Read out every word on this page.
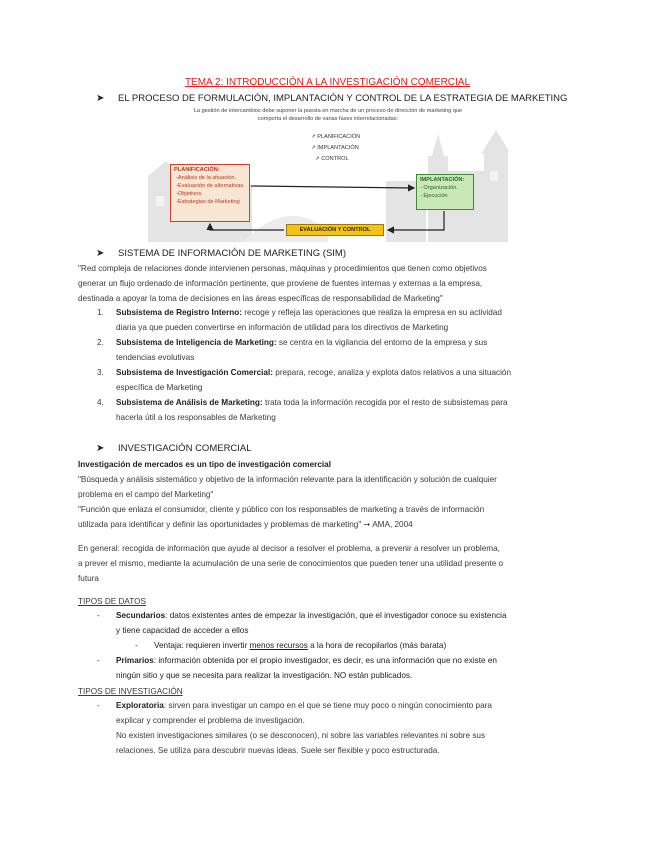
TEMA 2: INTRODUCCIÓN A LA INVESTIGACIÓN COMERCIAL
➤ EL PROCESO DE FORMULACIÓN, IMPLANTACIÓN Y CONTROL DE LA ESTRATEGIA DE MARKETING
La gestión de intercambios debe suponer la puesta en marcha de un proceso de dirección de marketing que
comporta el desarrollo de varias fases interrelacionadas:
↗ PLANIFICACIÓN
↗ IMPLANTACIÓN
↗ CONTROL
PLANIFICACIÓN:
-Análisis de la situación.
-Evaluación de alternativas.
-Objetivos.
-Estrategias de Marketing
IMPLANTACIÓN:
- Organización.
- Ejecución
EVALUACIÓN Y CONTROL
➤ SISTEMA DE INFORMACIÓN DE MARKETING (SIM)
"Red compleja de relaciones donde intervienen personas, máquinas y procedimientos que tienen como objetivos
generar un flujo ordenado de información pertinente, que proviene de fuentes internas y externas a la empresa,
destinada a apoyar la toma de decisiones en las áreas específicas de responsabilidad de Marketing"
1. Subsistema de Registro Interno: recoge y refleja las operaciones que realiza la empresa en su actividad
diaria ya que pueden convertirse en información de utilidad para los directivos de Marketing
2. Subsistema de Inteligencia de Marketing: se centra en la vigilancia del entorno de la empresa y sus
tendencias evolutivas
3. Subsistema de Investigación Comercial: prepara, recoge, analiza y explota datos relativos a una situación
específica de Marketing
4. Subsistema de Análisis de Marketing: trata toda la información recogida por el resto de subsistemas para
hacerla útil a los responsables de Marketing
➤ INVESTIGACIÓN COMERCIAL
Investigación de mercados es un tipo de investigación comercial
"Búsqueda y análisis sistemático y objetivo de la información relevante para la identificación y solución de cualquier
problema en el campo del Marketing"
"Función que enlaza el consumidor, cliente y público con los responsables de marketing a través de información
utilizada para identificar y definir las oportunidades y problemas de marketing" ➞ AMA, 2004
En general: recogida de información que ayude al decisor a resolver el problema, a prevenir a resolver un problema,
a prever el mismo, mediante la acumulación de una serie de conocimientos que pueden tener una utilidad presente o
futura
TIPOS DE DATOS
- Secundarios: datos existentes antes de empezar la investigación, que el investigador conoce su existencia
y tiene capacidad de acceder a ellos
- Ventaja: requieren invertir menos recursos a la hora de recopilarlos (más barata)
- Primarios: información obtenida por el propio investigador, es decir, es una información que no existe en
ningún sitio y que se necesita para realizar la investigación. NO están publicados.
TIPOS DE INVESTIGACIÓN
- Exploratoria: sirven para investigar un campo en el que se tiene muy poco o ningún conocimiento para
explicar y comprender el problema de investigación.
No existen investigaciones similares (o se desconocen), ni sobre las variables relevantes ni sobre sus
relaciones. Se utiliza para descubrir nuevas ideas. Suele ser flexible y poco estructurada.
